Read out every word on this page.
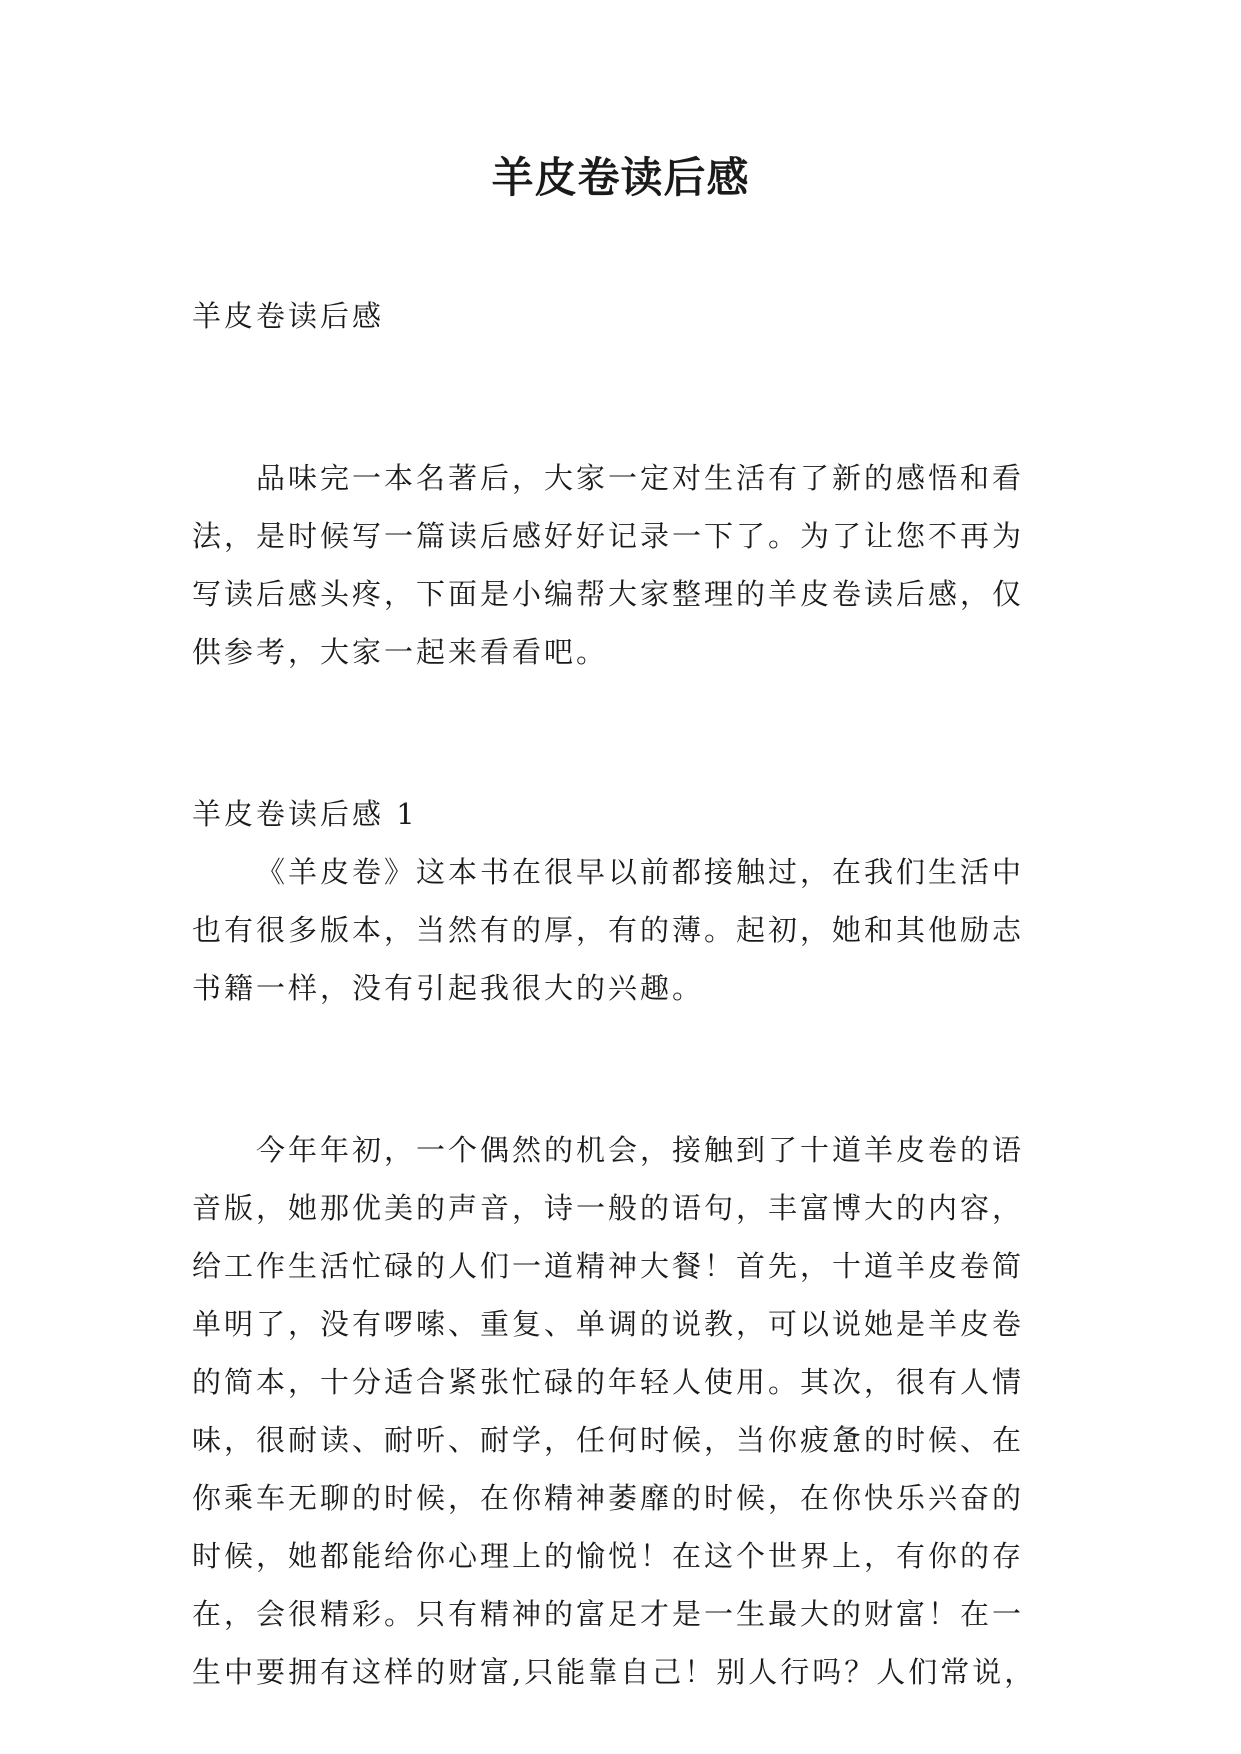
羊皮卷读后感

羊皮卷读后感

品味完一本名著后，大家一定对生活有了新的感悟和看法，是时候写一篇读后感好好记录一下了。为了让您不再为写读后感头疼，下面是小编帮大家整理的羊皮卷读后感，仅供参考，大家一起来看看吧。

羊皮卷读后感 1

《羊皮卷》这本书在很早以前都接触过，在我们生活中也有很多版本，当然有的厚，有的薄。起初，她和其他励志书籍一样，没有引起我很大的兴趣。

今年年初，一个偶然的机会，接触到了十道羊皮卷的语音版，她那优美的声音，诗一般的语句，丰富博大的内容，给工作生活忙碌的人们一道精神大餐！首先，十道羊皮卷简单明了，没有啰嗦、重复、单调的说教，可以说她是羊皮卷的简本，十分适合紧张忙碌的年轻人使用。其次，很有人情味，很耐读、耐听、耐学，任何时候，当你疲惫的时候、在你乘车无聊的时候，在你精神萎靡的时候，在你快乐兴奋的时候，她都能给你心理上的愉悦！在这个世界上，有你的存在，会很精彩。只有精神的富足才是一生最大的财富！在一生中要拥有这样的财富,只能靠自己！别人行吗？人们常说，
